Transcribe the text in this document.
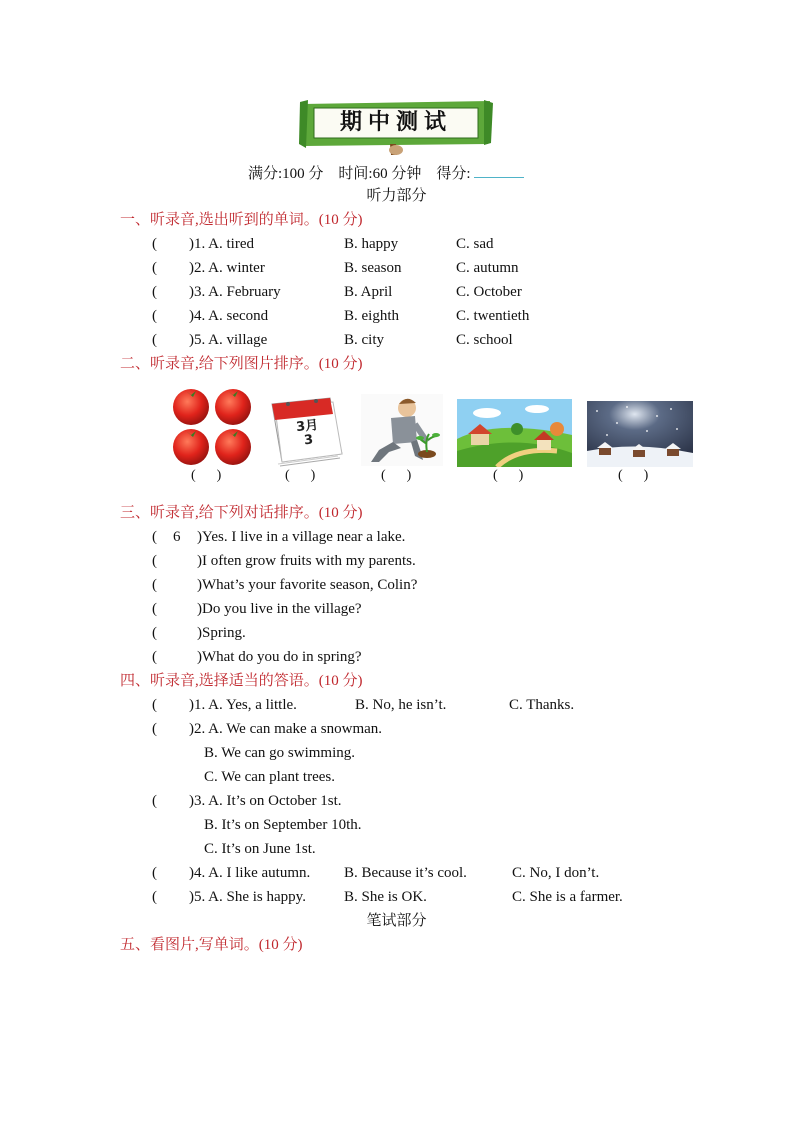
期中测试
满分:100 分 时间:60 分钟 得分:
听力部分
一、听录音,选出听到的单词。(10 分)
( )1. A. tired	B. happy	C. sad
( )2. A. winter	B. season	C. autumn
( )3. A. February	B. April	C. October
( )4. A. second	B. eighth	C. twentieth
( )5. A. village	B. city	C. school
二、听录音,给下列图片排序。(10 分)
3月
3
(      )	(      )	(      )	(      )	(      )
三、听录音,给下列对话排序。(10 分)
( 6 )Yes. I live in a village near a lake.
(	)I often grow fruits with my parents.
(	)What’s your favorite season, Colin?
(	)Do you live in the village?
(	)Spring.
(	)What do you do in spring?
四、听录音,选择适当的答语。(10 分)
( )1. A. Yes, a little.	B. No, he isn’t.	C. Thanks.
( )2. A. We can make a snowman.
B. We can go swimming.
C. We can plant trees.
( )3. A. It’s on October 1st.
B. It’s on September 10th.
C. It’s on June 1st.
( )4. A. I like autumn. B. Because it’s cool.	C. No, I don’t.
( )5. A. She is happy.	B. She is OK.	C. She is a farmer.
笔试部分
五、看图片,写单词。(10 分)
